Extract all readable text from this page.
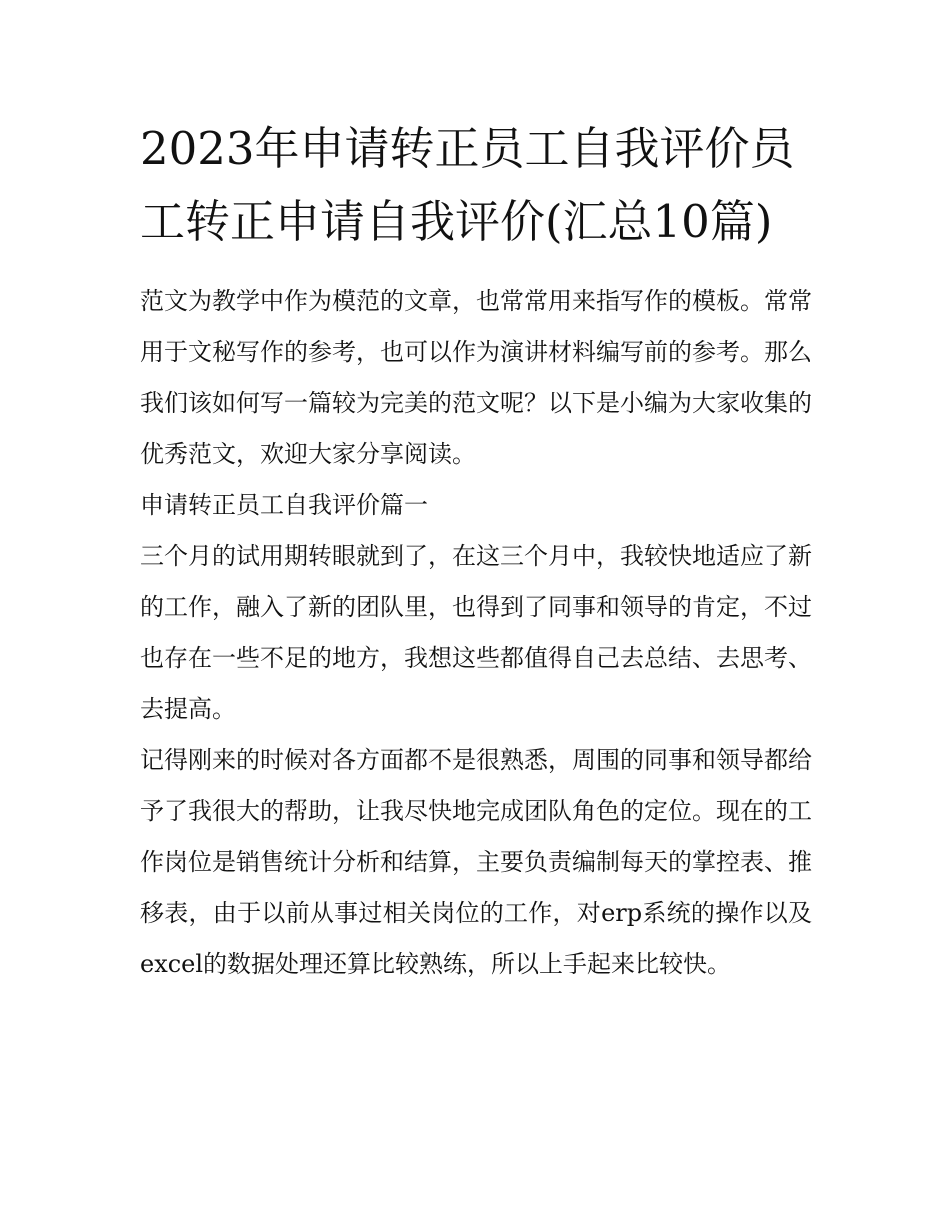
2023年申请转正员工自我评价员工转正申请自我评价(汇总10篇)

范文为教学中作为模范的文章，也常常用来指写作的模板。常常用于文秘写作的参考，也可以作为演讲材料编写前的参考。那么我们该如何写一篇较为完美的范文呢？以下是小编为大家收集的优秀范文，欢迎大家分享阅读。

申请转正员工自我评价篇一

三个月的试用期转眼就到了，在这三个月中，我较快地适应了新的工作，融入了新的团队里，也得到了同事和领导的肯定，不过也存在一些不足的地方，我想这些都值得自己去总结、去思考、去提高。

记得刚来的时候对各方面都不是很熟悉，周围的同事和领导都给予了我很大的帮助，让我尽快地完成团队角色的定位。现在的工作岗位是销售统计分析和结算，主要负责编制每天的掌控表、推移表，由于以前从事过相关岗位的工作，对erp系统的操作以及excel的数据处理还算比较熟练，所以上手起来比较快。
